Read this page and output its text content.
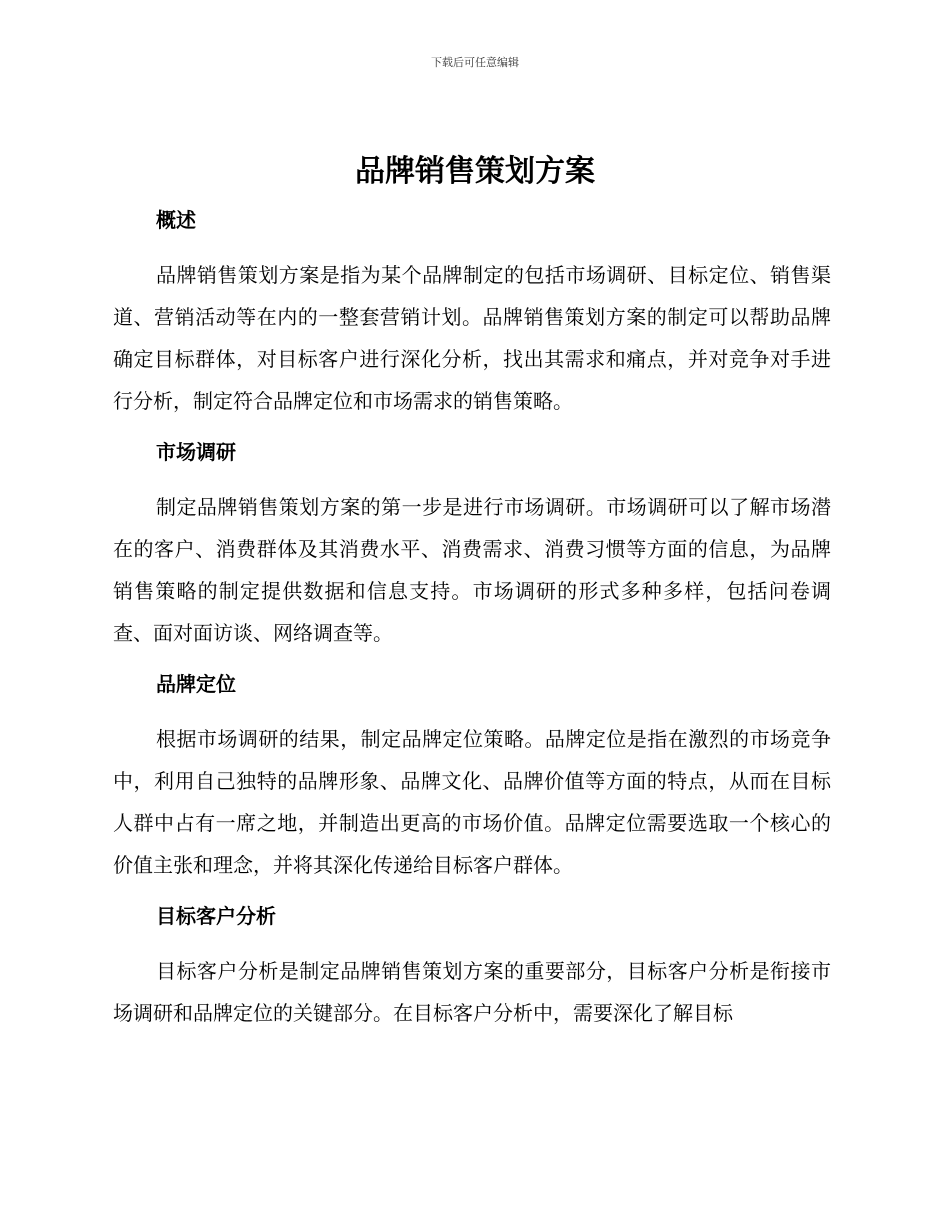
下载后可任意编辑
品牌销售策划方案
概述

品牌销售策划方案是指为某个品牌制定的包括市场调研、目标定位、销售渠道、营销活动等在内的一整套营销计划。品牌销售策划方案的制定可以帮助品牌确定目标群体，对目标客户进行深化分析，找出其需求和痛点，并对竞争对手进行分析，制定符合品牌定位和市场需求的销售策略。

市场调研

制定品牌销售策划方案的第一步是进行市场调研。市场调研可以了解市场潜在的客户、消费群体及其消费水平、消费需求、消费习惯等方面的信息，为品牌销售策略的制定提供数据和信息支持。市场调研的形式多种多样，包括问卷调查、面对面访谈、网络调查等。

品牌定位

根据市场调研的结果，制定品牌定位策略。品牌定位是指在激烈的市场竞争中，利用自己独特的品牌形象、品牌文化、品牌价值等方面的特点，从而在目标人群中占有一席之地，并制造出更高的市场价值。品牌定位需要选取一个核心的价值主张和理念，并将其深化传递给目标客户群体。

目标客户分析

目标客户分析是制定品牌销售策划方案的重要部分，目标客户分析是衔接市场调研和品牌定位的关键部分。在目标客户分析中，需要深化了解目标
